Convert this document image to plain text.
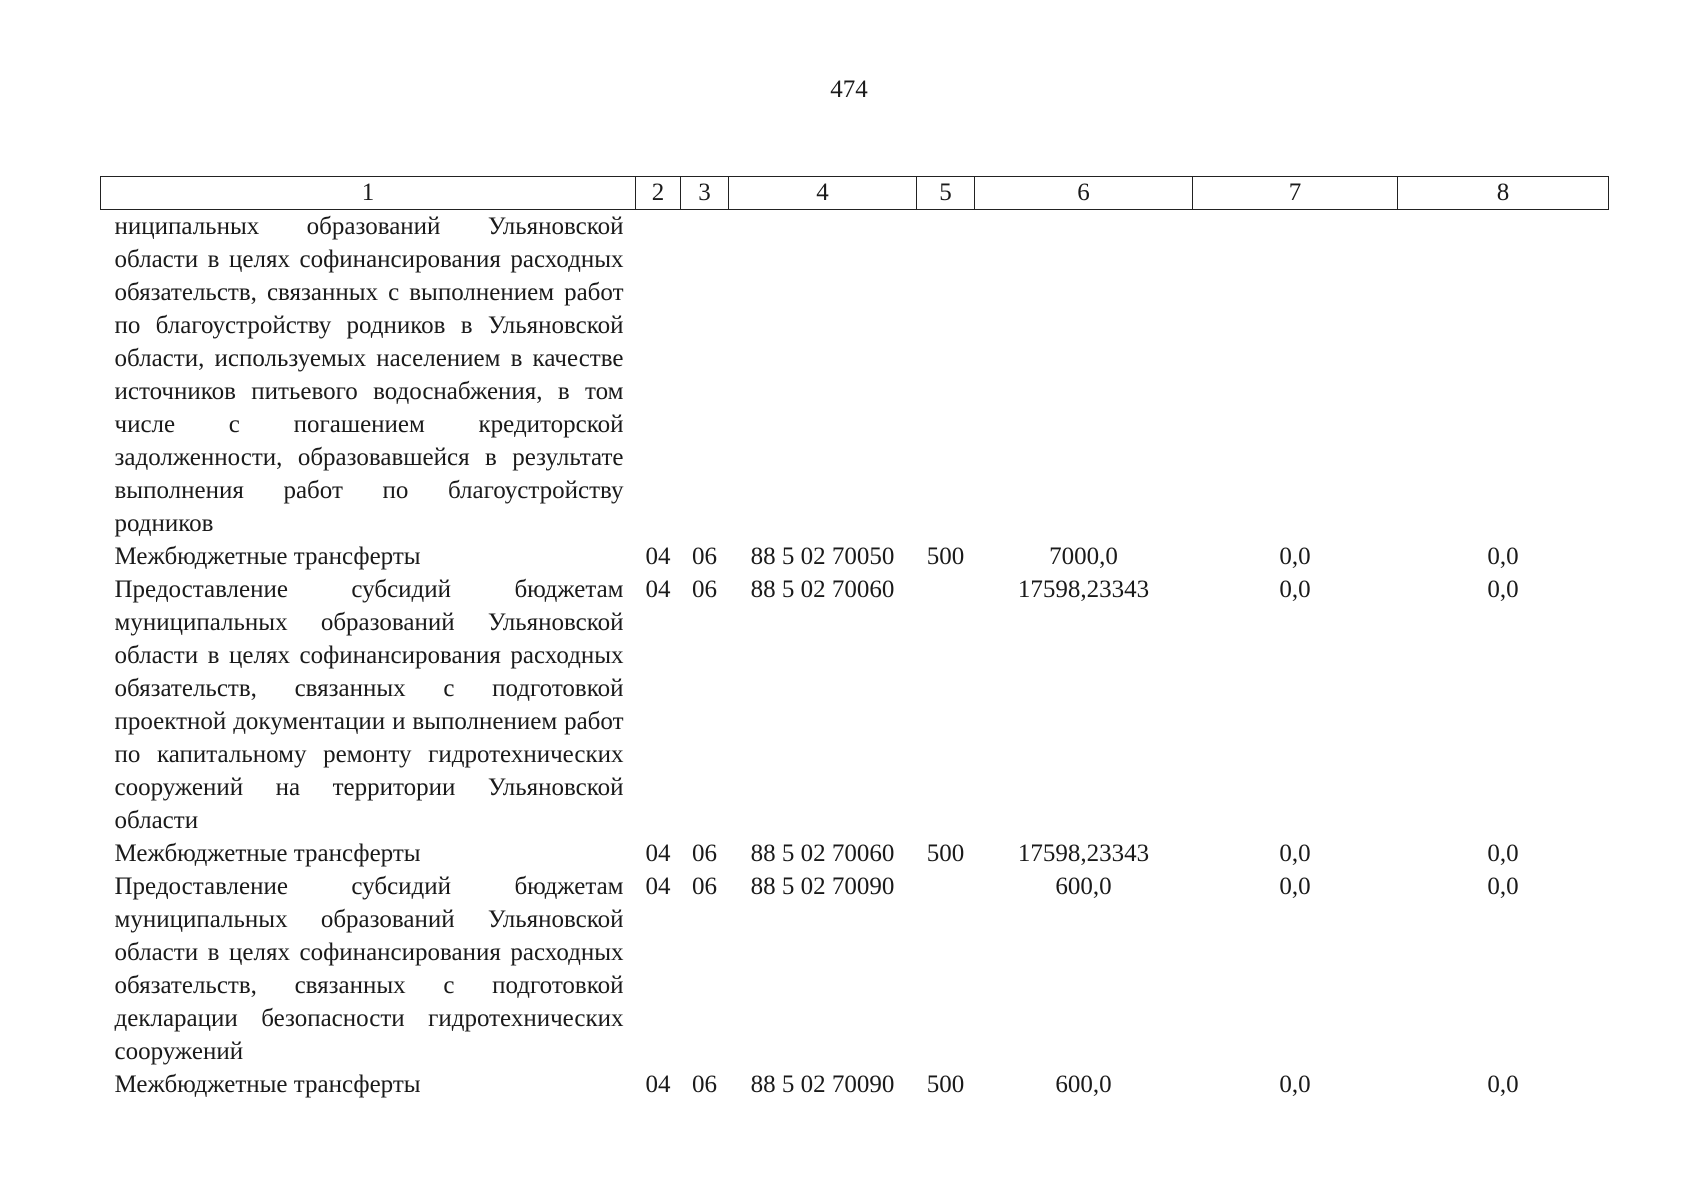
474
1	2	3	4	5	6	7	8
ниципальных образований Ульяновской области в целях софинансирования расходных обязательств, связанных с выполнением работ по благоустройству родников в Ульяновской области, используемых населением в качестве источников питьевого водоснабжения, в том числе с погашением кредиторской задолженности, образовавшейся в результате выполнения работ по благоустройству родников							
Межбюджетные трансферты	04	06	88 5 02 70050	500	7000,0	0,0	0,0
Предоставление субсидий бюджетам муниципальных образований Ульяновской области в целях софинансирования расходных обязательств, связанных с подготовкой проектной документации и выполнением работ по капитальному ремонту гидротехнических сооружений на территории Ульяновской области	04	06	88 5 02 70060		17598,23343	0,0	0,0
Межбюджетные трансферты	04	06	88 5 02 70060	500	17598,23343	0,0	0,0
Предоставление субсидий бюджетам муниципальных образований Ульяновской области в целях софинансирования расходных обязательств, связанных с подготовкой декларации безопасности гидротехнических сооружений	04	06	88 5 02 70090		600,0	0,0	0,0
Межбюджетные трансферты	04	06	88 5 02 70090	500	600,0	0,0	0,0
